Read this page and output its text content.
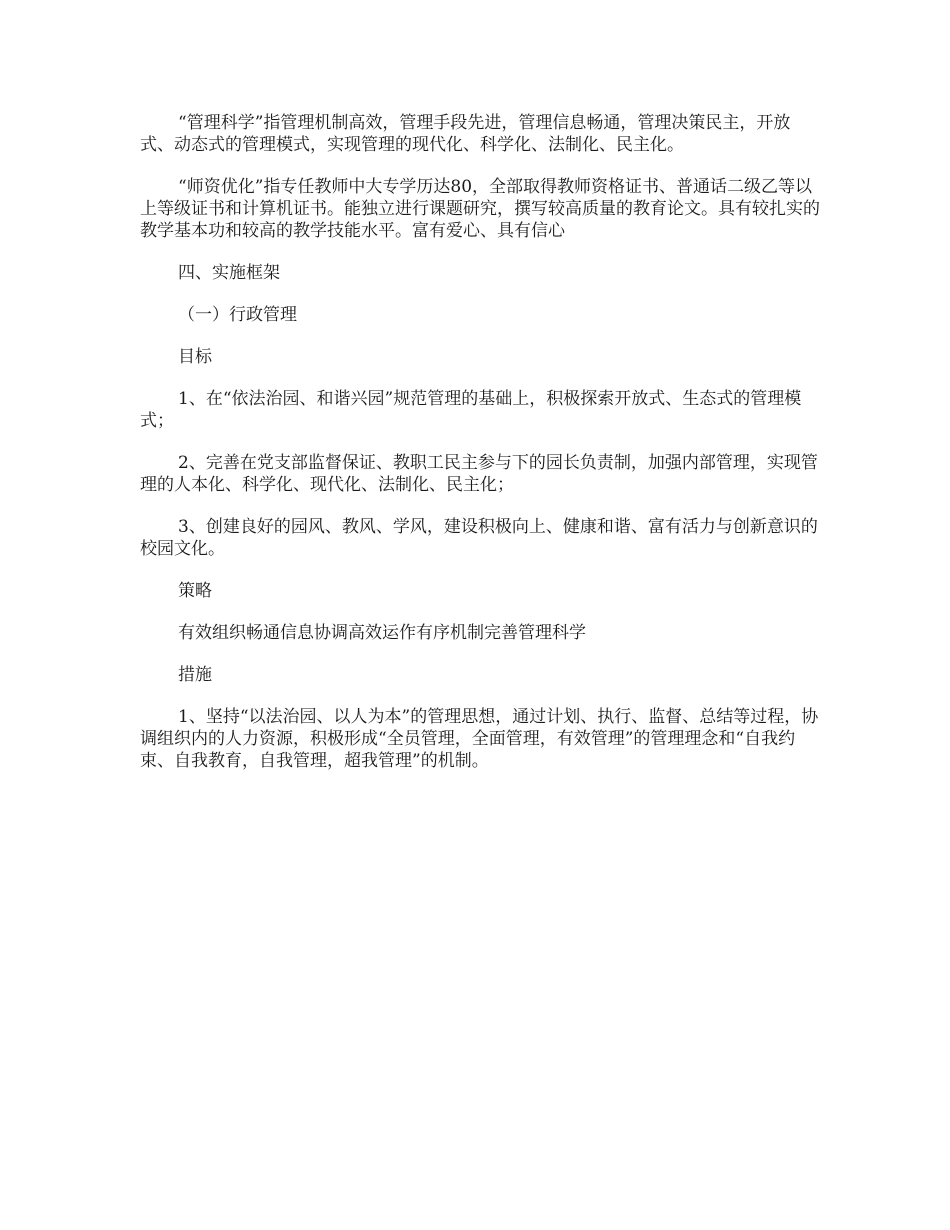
“管理科学”指管理机制高效，管理手段先进，管理信息畅通，管理决策民主，开放式、动态式的管理模式，实现管理的现代化、科学化、法制化、民主化。

“师资优化”指专任教师中大专学历达80，全部取得教师资格证书、普通话二级乙等以上等级证书和计算机证书。能独立进行课题研究，撰写较高质量的教育论文。具有较扎实的教学基本功和较高的教学技能水平。富有爱心、具有信心

四、实施框架

（一）行政管理

目标

1、在“依法治园、和谐兴园”规范管理的基础上，积极探索开放式、生态式的管理模式；

2、完善在党支部监督保证、教职工民主参与下的园长负责制，加强内部管理，实现管理的人本化、科学化、现代化、法制化、民主化；

3、创建良好的园风、教风、学风，建设积极向上、健康和谐、富有活力与创新意识的校园文化。

策略

有效组织畅通信息协调高效运作有序机制完善管理科学

措施

1、坚持“以法治园、以人为本”的管理思想，通过计划、执行、监督、总结等过程，协调组织内的人力资源，积极形成“全员管理，全面管理，有效管理”的管理理念和“自我约束、自我教育，自我管理，超我管理”的机制。
